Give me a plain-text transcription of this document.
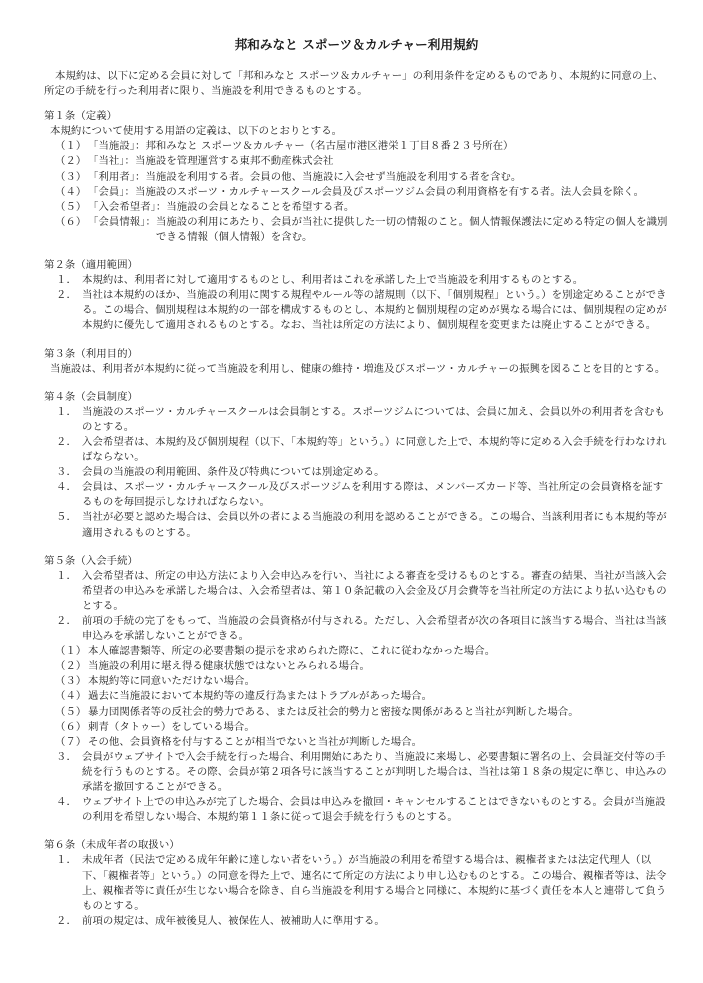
邦和みなと スポーツ＆カルチャー利用規約

本規約は、以下に定める会員に対して「邦和みなと スポーツ＆カルチャー」の利用条件を定めるものであり、本規約に同意の上、所定の手続を行った利用者に限り、当施設を利用できるものとする。

第１条（定義）

本規約について使用する用語の定義は、以下のとおりとする。

（１） 「当施設」： 邦和みなと スポーツ＆カルチャー（名古屋市港区港栄１丁目８番２３号所在）
（２） 「当社」： 当施設を管理運営する東邦不動産株式会社
（３） 「利用者」： 当施設を利用する者。会員の他、当施設に入会せず当施設を利用する者を含む。
（４） 「会員」： 当施設のスポーツ・カルチャースクール会員及びスポーツジム会員の利用資格を有する者。法人会員を除く。
（５） 「入会希望者」： 当施設の会員となることを希望する者。
（６） 「会員情報」： 当施設の利用にあたり、会員が当社に提供した一切の情報のこと。個人情報保護法に定める特定の個人を識別できる情報（個人情報）を含む。

第２条（適用範囲）

１． 本規約は、利用者に対して適用するものとし、利用者はこれを承諾した上で当施設を利用するものとする。
２． 当社は本規約のほか、当施設の利用に関する規程やルール等の諸規則（以下、「個別規程」という。）を別途定めることができる。この場合、個別規程は本規約の一部を構成するものとし、本規約と個別規程の定めが異なる場合には、個別規程の定めが本規約に優先して適用されるものとする。なお、当社は所定の方法により、個別規程を変更または廃止することができる。

第３条（利用目的）

当施設は、利用者が本規約に従って当施設を利用し、健康の維持・増進及びスポーツ・カルチャーの振興を図ることを目的とする。

第４条（会員制度）

１． 当施設のスポーツ・カルチャースクールは会員制とする。スポーツジムについては、会員に加え、会員以外の利用者を含むものとする。
２． 入会希望者は、本規約及び個別規程（以下、「本規約等」という。）に同意した上で、本規約等に定める入会手続を行わなければならない。
３． 会員の当施設の利用範囲、条件及び特典については別途定める。
４． 会員は、スポーツ・カルチャースクール及びスポーツジムを利用する際は、メンバーズカード等、当社所定の会員資格を証するものを毎回提示しなければならない。
５． 当社が必要と認めた場合は、会員以外の者による当施設の利用を認めることができる。この場合、当該利用者にも本規約等が適用されるものとする。

第５条（入会手続）

１． 入会希望者は、所定の申込方法により入会申込みを行い、当社による審査を受けるものとする。審査の結果、当社が当該入会希望者の申込みを承諾した場合は、入会希望者は、第１０条記載の入会金及び月会費等を当社所定の方法により払い込むものとする。
２． 前項の手続の完了をもって、当施設の会員資格が付与される。ただし、入会希望者が次の各項目に該当する場合、当社は当該申込みを承諾しないことができる。
（１） 本人確認書類等、所定の必要書類の提示を求められた際に、これに従わなかった場合。
（２） 当施設の利用に堪え得る健康状態ではないとみられる場合。
（３） 本規約等に同意いただけない場合。
（４） 過去に当施設において本規約等の違反行為またはトラブルがあった場合。
（５） 暴力団関係者等の反社会的勢力である、または反社会的勢力と密接な関係があると当社が判断した場合。
（６） 刺青（タトゥー）をしている場合。
（７） その他、会員資格を付与することが相当でないと当社が判断した場合。
３． 会員がウェブサイトで入会手続を行った場合、利用開始にあたり、当施設に来場し、必要書類に署名の上、会員証交付等の手続を行うものとする。その際、会員が第２項各号に該当することが判明した場合は、当社は第１８条の規定に準じ、申込みの承諾を撤回することができる。
４． ウェブサイト上での申込みが完了した場合、会員は申込みを撤回・キャンセルすることはできないものとする。会員が当施設の利用を希望しない場合、本規約第１１条に従って退会手続を行うものとする。

第６条（未成年者の取扱い）

１． 未成年者（民法で定める成年年齢に達しない者をいう。）が当施設の利用を希望する場合は、親権者または法定代理人（以下、「親権者等」という。）の同意を得た上で、連名にて所定の方法により申し込むものとする。この場合、親権者等は、法令上、親権者等に責任が生じない場合を除き、自ら当施設を利用する場合と同様に、本規約に基づく責任を本人と連帯して負うものとする。
２． 前項の規定は、成年被後見人、被保佐人、被補助人に準用する。
